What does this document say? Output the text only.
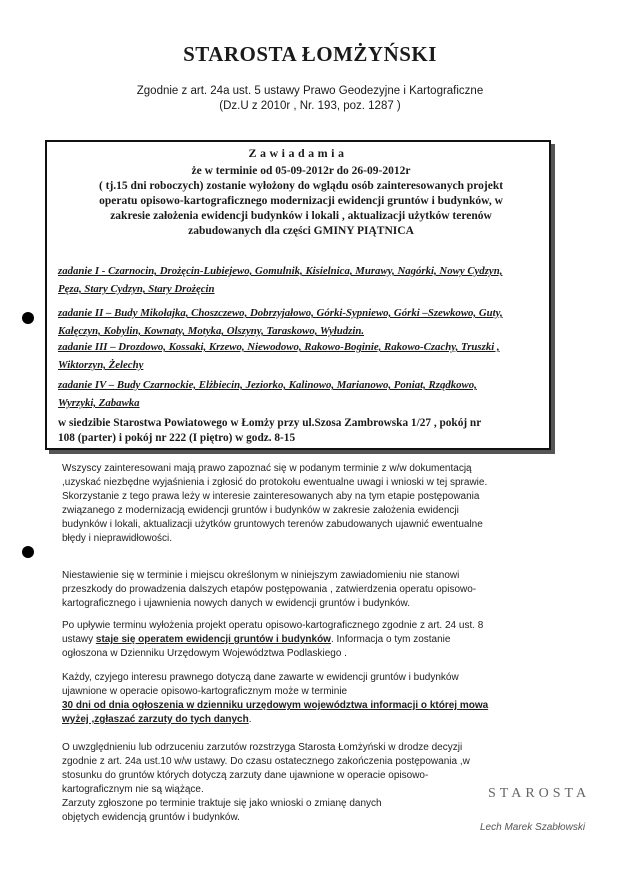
STAROSTA ŁOMŻYŃSKI
Zgodnie z art. 24a ust. 5 ustawy Prawo Geodezyjne i Kartograficzne
(Dz.U z 2010r , Nr. 193, poz. 1287 )
Zawiadamia
że w terminie od 05-09-2012r do 26-09-2012r
( tj.15 dni roboczych) zostanie wyłożony do wglądu osób zainteresowanych projekt
operatu opisowo-kartograficznego modernizacji ewidencji gruntów i budynków, w
zakresie założenia ewidencji budynków i lokali , aktualizacji użytków terenów
zabudowanych dla części GMINY PIĄTNICA
zadanie I - Czarnocin, Drożęcin-Lubiejewo, Gomulnik, Kisielnica, Murawy, Nagórki, Nowy Cydzyn,
Pęza, Stary Cydzyn, Stary Drożęcin
zadanie II – Budy Mikołajka, Choszczewo, Dobrzyjałowo, Górki-Sypniewo, Górki –Szewkowo, Guty,
Kałęczyn, Kobylin, Kownaty, Motyka, Olszyny, Taraskowo, Wyłudzin.
zadanie III – Drozdowo, Kossaki, Krzewo, Niewodowo, Rakowo-Boginie, Rakowo-Czachy, Truszki ,
Wiktorzyn, Żelechy
zadanie IV – Budy Czarnockie, Elżbiecin, Jeziorko, Kalinowo, Marianowo, Poniat, Rządkowo,
Wyrzyki, Zabawka
w siedzibie Starostwa Powiatowego w Łomży przy ul.Szosa Zambrowska 1/27 , pokój nr
108 (parter) i pokój nr 222 (I piętro) w godz. 8-15
Wszyscy zainteresowani mają prawo zapoznać się w podanym terminie z w/w dokumentacją
,uzyskać niezbędne wyjaśnienia i zgłosić do protokołu ewentualne uwagi i wnioski w tej sprawie.
Skorzystanie z tego prawa leży w interesie zainteresowanych aby na tym etapie postępowania
związanego z modernizacją ewidencji gruntów i budynków w zakresie założenia ewidencji
budynków i lokali, aktualizacji użytków gruntowych terenów zabudowanych ujawnić ewentualne
błędy i nieprawidłowości.
Niestawienie się w terminie i miejscu określonym w niniejszym zawiadomieniu nie stanowi
przeszkody do prowadzenia dalszych etapów postępowania , zatwierdzenia operatu opisowo-
kartograficznego i ujawnienia nowych danych w ewidencji gruntów i budynków.
Po upływie terminu wyłożenia projekt operatu opisowo-kartograficznego zgodnie z art. 24 ust. 8
ustawy staje się operatem ewidencji gruntów i budynków. Informacja o tym zostanie
ogłoszona w Dzienniku Urzędowym Województwa Podlaskiego .
Każdy, czyjego interesu prawnego dotyczą dane zawarte w ewidencji gruntów i budynków
ujawnione w operacie opisowo-kartograficznym może w terminie
30 dni od dnia ogłoszenia w dzienniku urzędowym województwa informacji o której mowa
wyżej ,zgłaszać zarzuty do tych danych.
O uwzględnieniu lub odrzuceniu zarzutów rozstrzyga Starosta Łomżyński w drodze decyzji
zgodnie z art. 24a ust.10 w/w ustawy. Do czasu ostatecznego zakończenia postępowania ,w
stosunku do gruntów których dotyczą zarzuty dane ujawnione w operacie opisowo-
kartograficznym nie są wiążące.
Zarzuty zgłoszone po terminie traktuje się jako wnioski o zmianę danych
objętych ewidencją gruntów i budynków.
STAROSTA
Lech Marek Szabłowski
